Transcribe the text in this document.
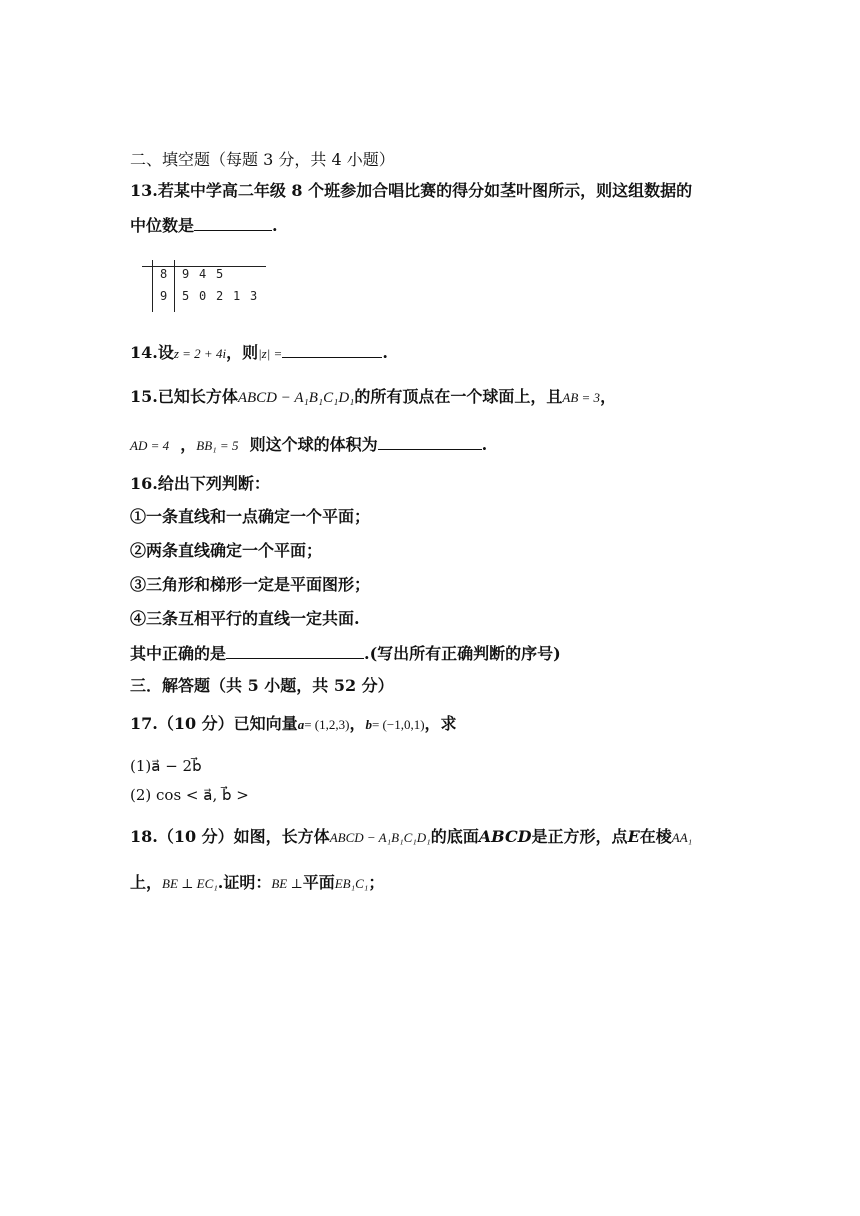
二、填空题（每题 3 分，共 4 小题）
13.若某中学高二年级 8 个班参加合唱比赛的得分如茎叶图所示，则这组数据的
中位数是	.
8 9 4 5
9 5 0 2 1 3
14.设z = 2 + 4i，则|z| =	.
15.已知长方体ABCD − A₁B₁C₁D₁的所有顶点在一个球面上，且AB = 3，
AD = 4 ，BB₁ = 5 则这个球的体积为	.
16.给出下列判断：
①一条直线和一点确定一个平面；
②两条直线确定一个平面；
③三角形和梯形一定是平面图形；
④三条互相平行的直线一定共面.
其中正确的是	.(写出所有正确判断的序号)
三．解答题（共 5 小题，共 52 分）
17.（10 分）已知向量a= (1,2,3)，b= (−1,0,1)，求
(1)a⃗ − 2b⃗
(2) cos < a⃗, b⃗ >
18.（10 分）如图，长方体ABCD − A₁B₁C₁D₁的底面ABCD是正方形，点E在棱AA₁
上，BE ⊥ EC₁.证明：BE ⊥平面EB₁C₁；
